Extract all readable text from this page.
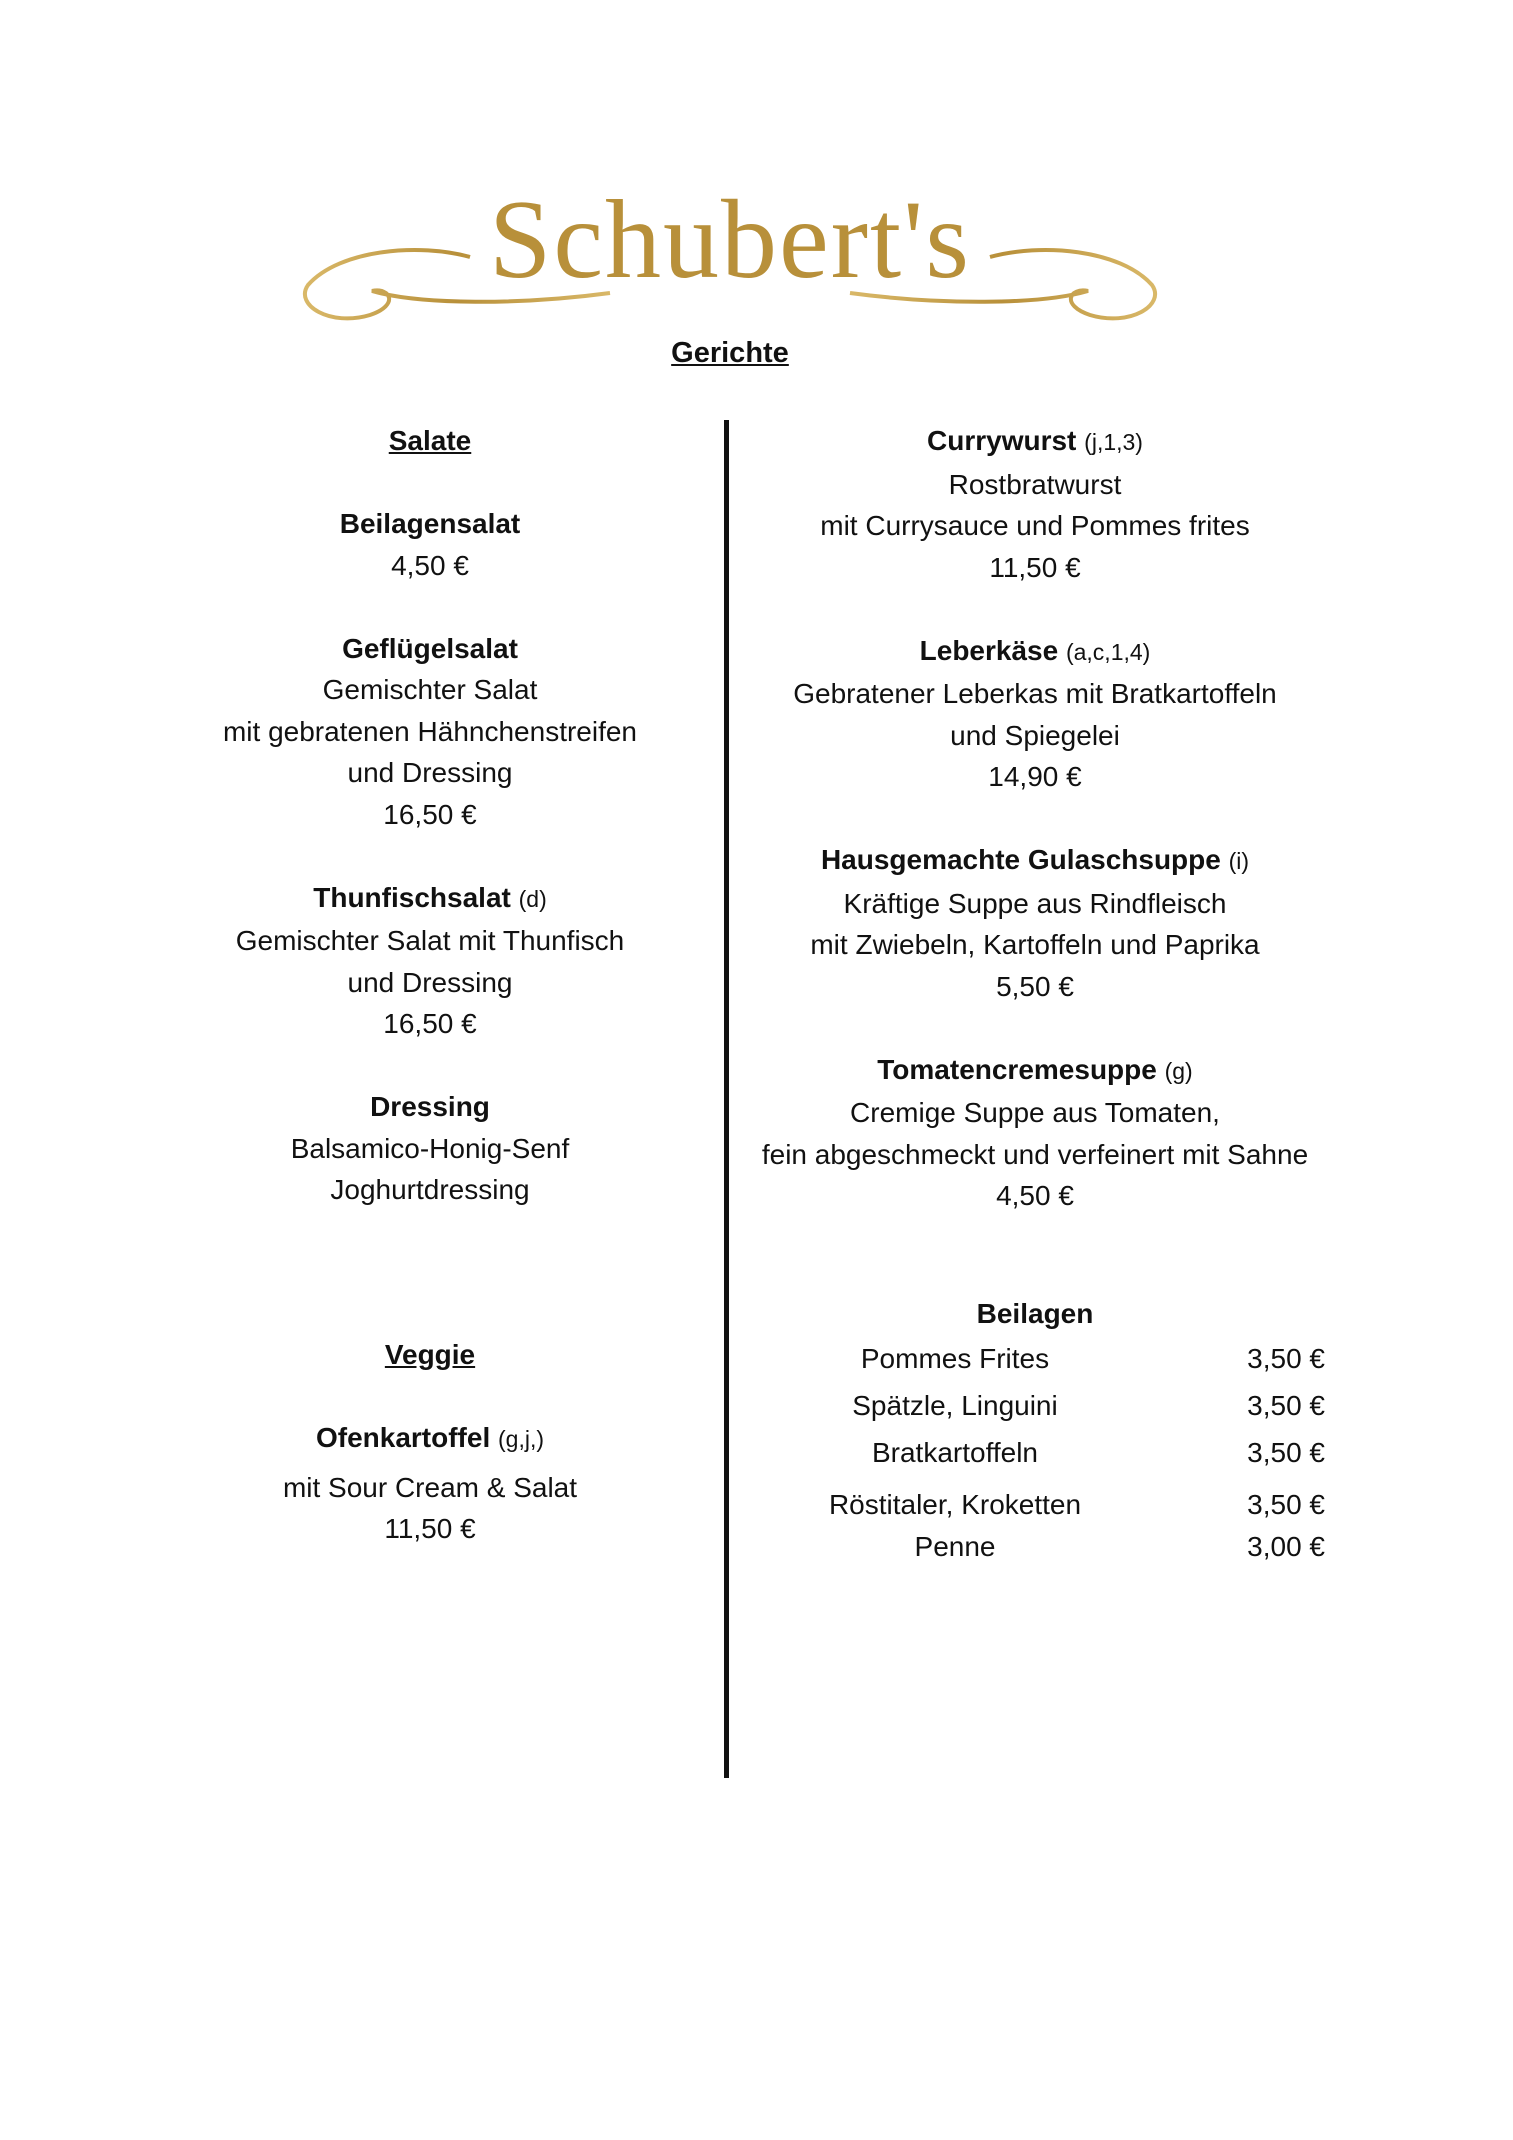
Schubert's
Gerichte
Salate
Beilagensalat
4,50 €
Geflügelsalat
Gemischter Salat
mit gebratenen Hähnchenstreifen
und Dressing
16,50 €
Thunfischsalat (d)
Gemischter Salat mit Thunfisch
und Dressing
16,50 €
Dressing
Balsamico-Honig-Senf
Joghurtdressing
Veggie
Ofenkartoffel (g,j,)
mit Sour Cream & Salat
11,50 €
Currywurst (j,1,3)
Rostbratwurst
mit Currysauce und Pommes frites
11,50 €
Leberkäse (a,c,1,4)
Gebratener Leberkas mit Bratkartoffeln
und Spiegelei
14,90 €
Hausgemachte Gulaschsuppe (i)
Kräftige Suppe aus Rindfleisch
mit Zwiebeln, Kartoffeln und Paprika
5,50 €
Tomatencremesuppe (g)
Cremige Suppe aus Tomaten,
fein abgeschmeckt und verfeinert mit Sahne
4,50 €
Beilagen
Pommes Frites	3,50 €
Spätzle, Linguini	3,50 €
Bratkartoffeln	3,50 €
Röstitaler, Kroketten	3,50 €
Penne	3,00 €
